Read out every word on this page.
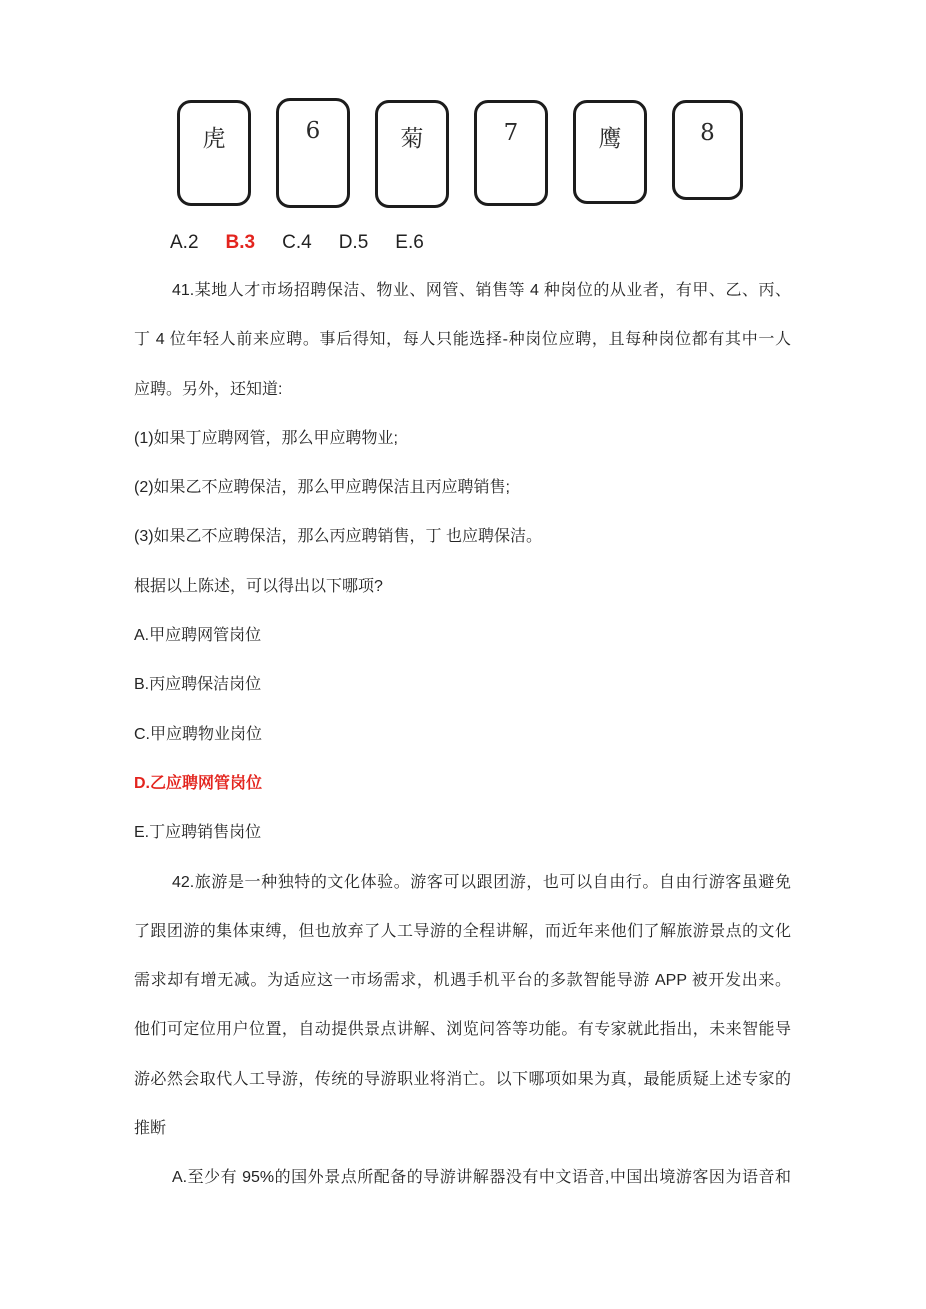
虎	6	菊	7	鹰	8
A.2 B.3 C.4 D.5 E.6
41.某地人才市场招聘保洁、物业、网管、销售等 4 种岗位的从业者，有甲、乙、丙、
丁 4 位年轻人前来应聘。事后得知，每人只能选择-种岗位应聘，且每种岗位都有其中一人
应聘。另外，还知道:
(1)如果丁应聘网管，那么甲应聘物业;
(2)如果乙不应聘保洁，那么甲应聘保洁且丙应聘销售;
(3)如果乙不应聘保洁，那么丙应聘销售，丁 也应聘保洁。
根据以上陈述，可以得出以下哪项?
A.甲应聘网管岗位
B.丙应聘保洁岗位
C.甲应聘物业岗位
D.乙应聘网管岗位
E.丁应聘销售岗位
42.旅游是一种独特的文化体验。游客可以跟团游，也可以自由行。自由行游客虽避免
了跟团游的集体束缚，但也放弃了人工导游的全程讲解，而近年来他们了解旅游景点的文化
需求却有增无减。为适应这一市场需求，机遇手机平台的多款智能导游 APP 被开发出来。
他们可定位用户位置，自动提供景点讲解、浏览问答等功能。有专家就此指出，未来智能导
游必然会取代人工导游，传统的导游职业将消亡。以下哪项如果为真，最能质疑上述专家的
推断
A.至少有 95%的国外景点所配备的导游讲解器没有中文语音,中国出境游客因为语音和
